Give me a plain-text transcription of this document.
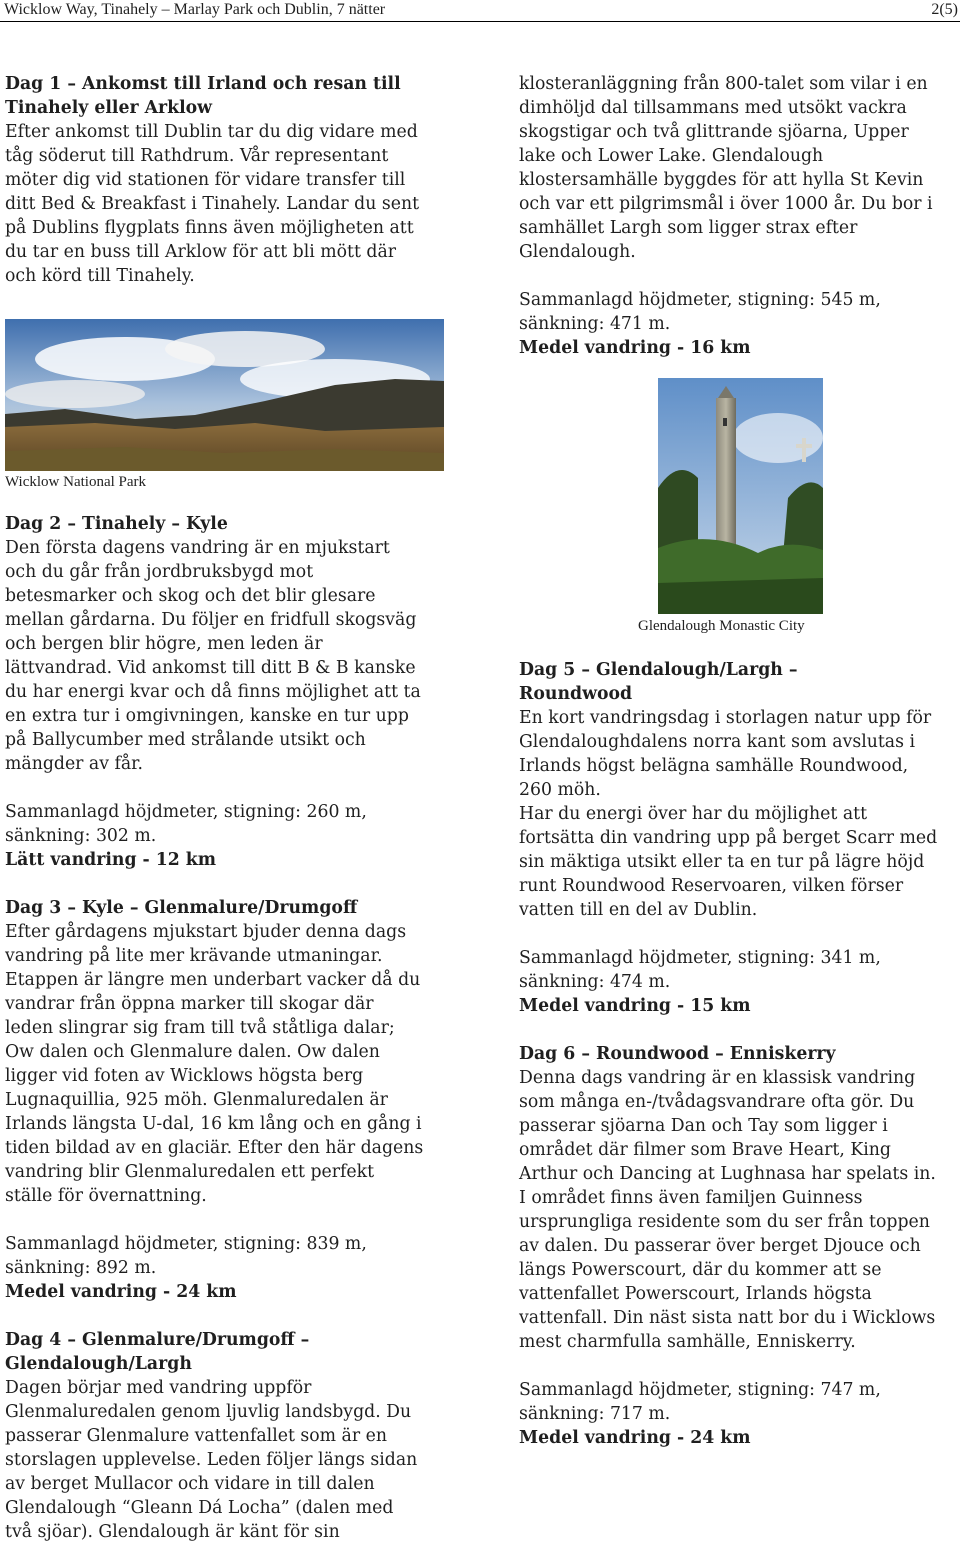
Wicklow Way, Tinahely – Marlay Park och Dublin, 7 nätter	2(5)
Dag 1 – Ankomst till Irland och resan till
Tinahely eller Arklow
Efter ankomst till Dublin tar du dig vidare med
tåg söderut till Rathdrum. Vår representant
möter dig vid stationen för vidare transfer till
ditt Bed & Breakfast i Tinahely. Landar du sent
på Dublins flygplats finns även möjligheten att
du tar en buss till Arklow för att bli mött där
och körd till Tinahely.
Wicklow National Park
Dag 2 – Tinahely – Kyle
Den första dagens vandring är en mjukstart
och du går från jordbruksbygd mot
betesmarker och skog och det blir glesare
mellan gårdarna. Du följer en fridfull skogsväg
och bergen blir högre, men leden är
lättvandrad. Vid ankomst till ditt B & B kanske
du har energi kvar och då finns möjlighet att ta
en extra tur i omgivningen, kanske en tur upp
på Ballycumber med strålande utsikt och
mängder av får.
Sammanlagd höjdmeter, stigning: 260 m,
sänkning: 302 m.
Lätt vandring - 12 km
Dag 3 – Kyle – Glenmalure/Drumgoff
Efter gårdagens mjukstart bjuder denna dags
vandring på lite mer krävande utmaningar.
Etappen är längre men underbart vacker då du
vandrar från öppna marker till skogar där
leden slingrar sig fram till två ståtliga dalar;
Ow dalen och Glenmalure dalen. Ow dalen
ligger vid foten av Wicklows högsta berg
Lugnaquillia, 925 möh. Glenmaluredalen är
Irlands längsta U-dal, 16 km lång och en gång i
tiden bildad av en glaciär. Efter den här dagens
vandring blir Glenmaluredalen ett perfekt
ställe för övernattning.
Sammanlagd höjdmeter, stigning: 839 m,
sänkning: 892 m.
Medel vandring - 24 km
Dag 4 – Glenmalure/Drumgoff –
Glendalough/Largh
Dagen börjar med vandring uppför
Glenmaluredalen genom ljuvlig landsbygd. Du
passerar Glenmalure vattenfallet som är en
storslagen upplevelse. Leden följer längs sidan
av berget Mullacor och vidare in till dalen
Glendalough “Gleann Dá Locha” (dalen med
två sjöar). Glendalough är känt för sin
klosteranläggning från 800-talet som vilar i en
dimhöljd dal tillsammans med utsökt vackra
skogstigar och två glittrande sjöarna, Upper
lake och Lower Lake. Glendalough
klostersamhälle byggdes för att hylla St Kevin
och var ett pilgrimsmål i över 1000 år. Du bor i
samhället Largh som ligger strax efter
Glendalough.
Sammanlagd höjdmeter, stigning: 545 m,
sänkning: 471 m.
Medel vandring - 16 km
Glendalough Monastic City
Dag 5 – Glendalough/Largh –
Roundwood
En kort vandringsdag i storlagen natur upp för
Glendaloughdalens norra kant som avslutas i
Irlands högst belägna samhälle Roundwood,
260 möh.
Har du energi över har du möjlighet att
fortsätta din vandring upp på berget Scarr med
sin mäktiga utsikt eller ta en tur på lägre höjd
runt Roundwood Reservoaren, vilken förser
vatten till en del av Dublin.
Sammanlagd höjdmeter, stigning: 341 m,
sänkning: 474 m.
Medel vandring - 15 km
Dag 6 – Roundwood – Enniskerry
Denna dags vandring är en klassisk vandring
som många en-/tvådagsvandrare ofta gör. Du
passerar sjöarna Dan och Tay som ligger i
området där filmer som Brave Heart, King
Arthur och Dancing at Lughnasa har spelats in.
I området finns även familjen Guinness
ursprungliga residente som du ser från toppen
av dalen. Du passerar över berget Djouce och
längs Powerscourt, där du kommer att se
vattenfallet Powerscourt, Irlands högsta
vattenfall. Din näst sista natt bor du i Wicklows
mest charmfulla samhälle, Enniskerry.
Sammanlagd höjdmeter, stigning: 747 m,
sänkning: 717 m.
Medel vandring - 24 km
